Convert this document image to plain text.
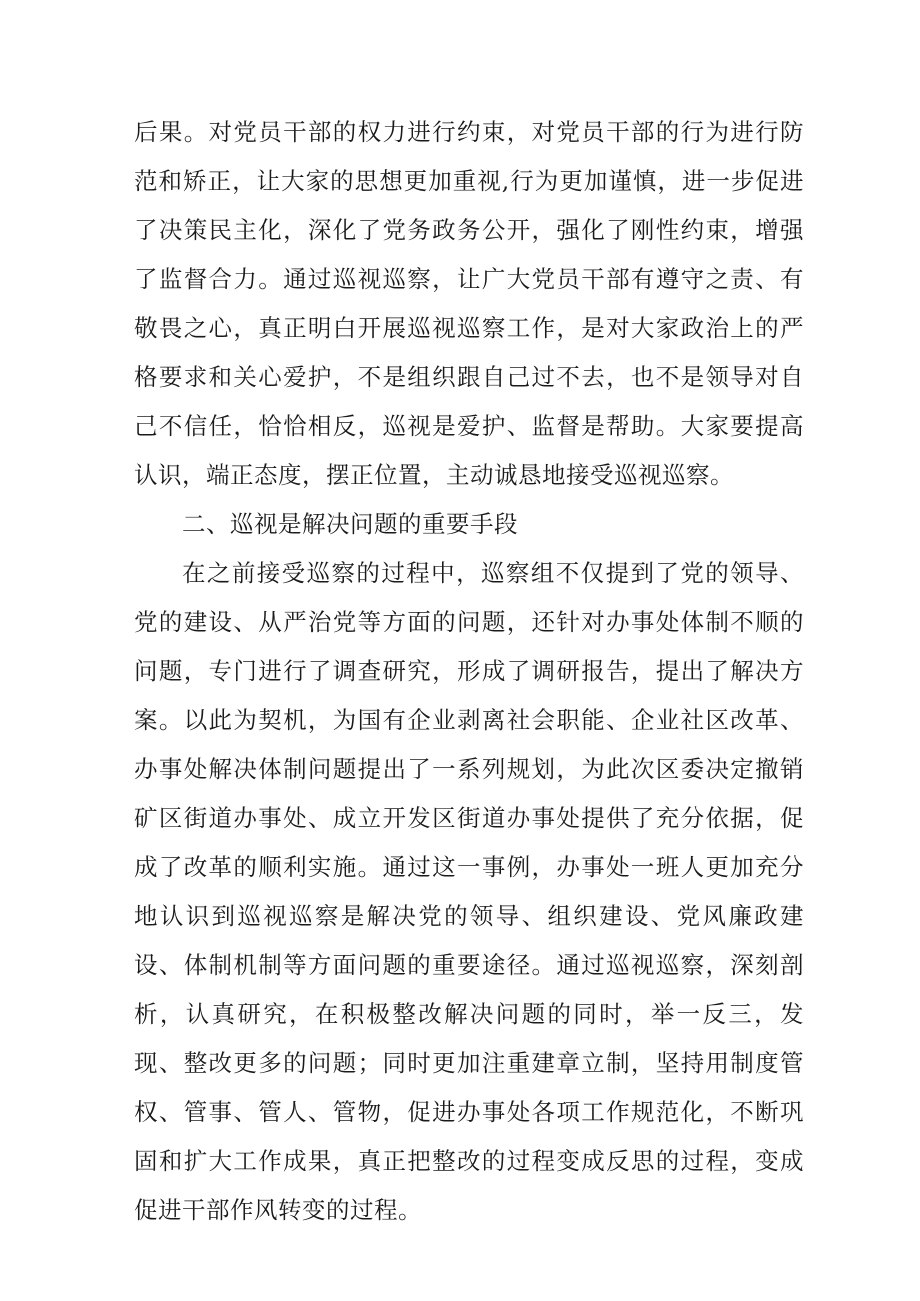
后果。对党员干部的权力进行约束，对党员干部的行为进行防范和矫正，让大家的思想更加重视,行为更加谨慎，进一步促进了决策民主化，深化了党务政务公开，强化了刚性约束，增强了监督合力。通过巡视巡察，让广大党员干部有遵守之责、有敬畏之心，真正明白开展巡视巡察工作，是对大家政治上的严格要求和关心爱护，不是组织跟自己过不去，也不是领导对自己不信任，恰恰相反，巡视是爱护、监督是帮助。大家要提高认识，端正态度，摆正位置，主动诚恳地接受巡视巡察。

二、巡视是解决问题的重要手段

在之前接受巡察的过程中，巡察组不仅提到了党的领导、党的建设、从严治党等方面的问题，还针对办事处体制不顺的问题，专门进行了调查研究，形成了调研报告，提出了解决方案。以此为契机，为国有企业剥离社会职能、企业社区改革、办事处解决体制问题提出了一系列规划，为此次区委决定撤销矿区街道办事处、成立开发区街道办事处提供了充分依据，促成了改革的顺利实施。通过这一事例，办事处一班人更加充分地认识到巡视巡察是解决党的领导、组织建设、党风廉政建设、体制机制等方面问题的重要途径。通过巡视巡察，深刻剖析，认真研究，在积极整改解决问题的同时，举一反三，发现、整改更多的问题；同时更加注重建章立制，坚持用制度管权、管事、管人、管物，促进办事处各项工作规范化，不断巩固和扩大工作成果，真正把整改的过程变成反思的过程，变成促进干部作风转变的过程。
